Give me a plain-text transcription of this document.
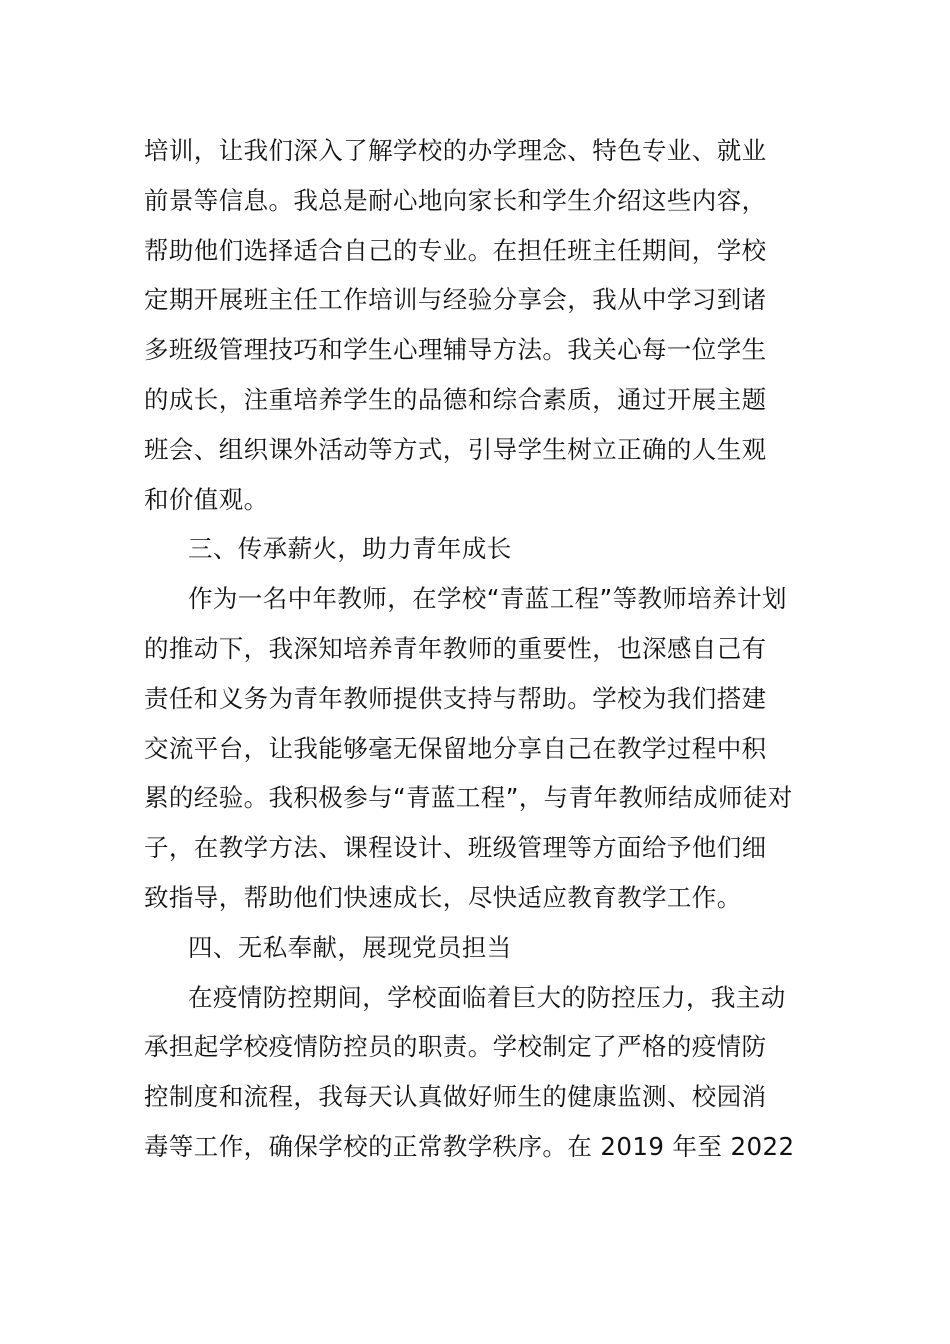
培训，让我们深入了解学校的办学理念、特色专业、就业
前景等信息。我总是耐心地向家长和学生介绍这些内容，
帮助他们选择适合自己的专业。在担任班主任期间，学校
定期开展班主任工作培训与经验分享会，我从中学习到诸
多班级管理技巧和学生心理辅导方法。我关心每一位学生
的成长，注重培养学生的品德和综合素质，通过开展主题
班会、组织课外活动等方式，引导学生树立正确的人生观
和价值观。
三、传承薪火，助力青年成长
作为一名中年教师，在学校“青蓝工程”等教师培养计划
的推动下，我深知培养青年教师的重要性，也深感自己有
责任和义务为青年教师提供支持与帮助。学校为我们搭建
交流平台，让我能够毫无保留地分享自己在教学过程中积
累的经验。我积极参与“青蓝工程”，与青年教师结成师徒对
子，在教学方法、课程设计、班级管理等方面给予他们细
致指导，帮助他们快速成长，尽快适应教育教学工作。
四、无私奉献，展现党员担当
在疫情防控期间，学校面临着巨大的防控压力，我主动
承担起学校疫情防控员的职责。学校制定了严格的疫情防
控制度和流程，我每天认真做好师生的健康监测、校园消
毒等工作，确保学校的正常教学秩序。在 2019 年至 2022
